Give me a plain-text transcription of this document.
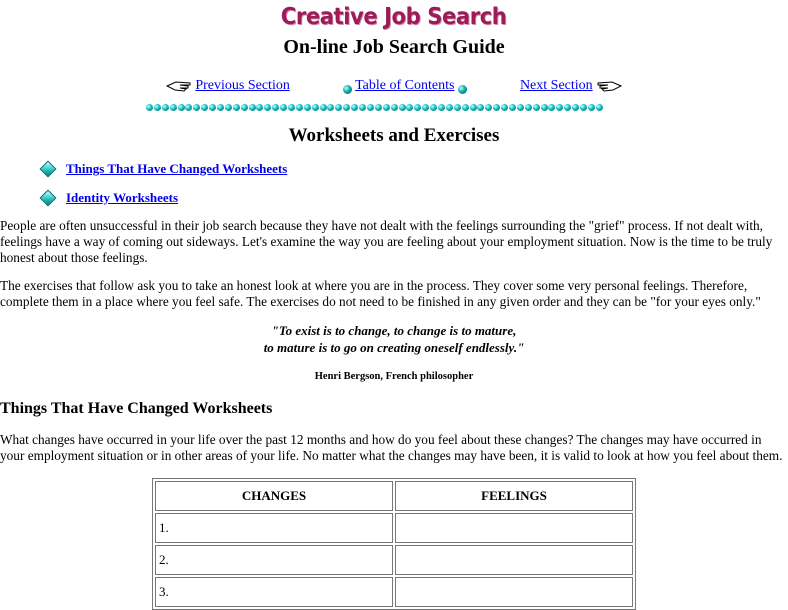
Creative Job Search
On-line Job Search Guide
Previous Section	Table of Contents	Next Section
Worksheets and Exercises
Things That Have Changed Worksheets
Identity Worksheets

People are often unsuccessful in their job search because they have not dealt with the feelings surrounding the "grief" process. If not dealt with, feelings have a way of coming out sideways. Let's examine the way you are feeling about your employment situation. Now is the time to be truly honest about those feelings.

The exercises that follow ask you to take an honest look at where you are in the process. They cover some very personal feelings. Therefore, complete them in a place where you feel safe. The exercises do not need to be finished in any given order and they can be "for your eyes only."

"To exist is to change, to change is to mature,
to mature is to go on creating oneself endlessly."
Henri Bergson, French philosopher
Things That Have Changed Worksheets

What changes have occurred in your life over the past 12 months and how do you feel about these changes? The changes may have occurred in your employment situation or in other areas of your life. No matter what the changes may have been, it is valid to look at how you feel about them.

CHANGES	FEELINGS
1.	
2.	
3.	
